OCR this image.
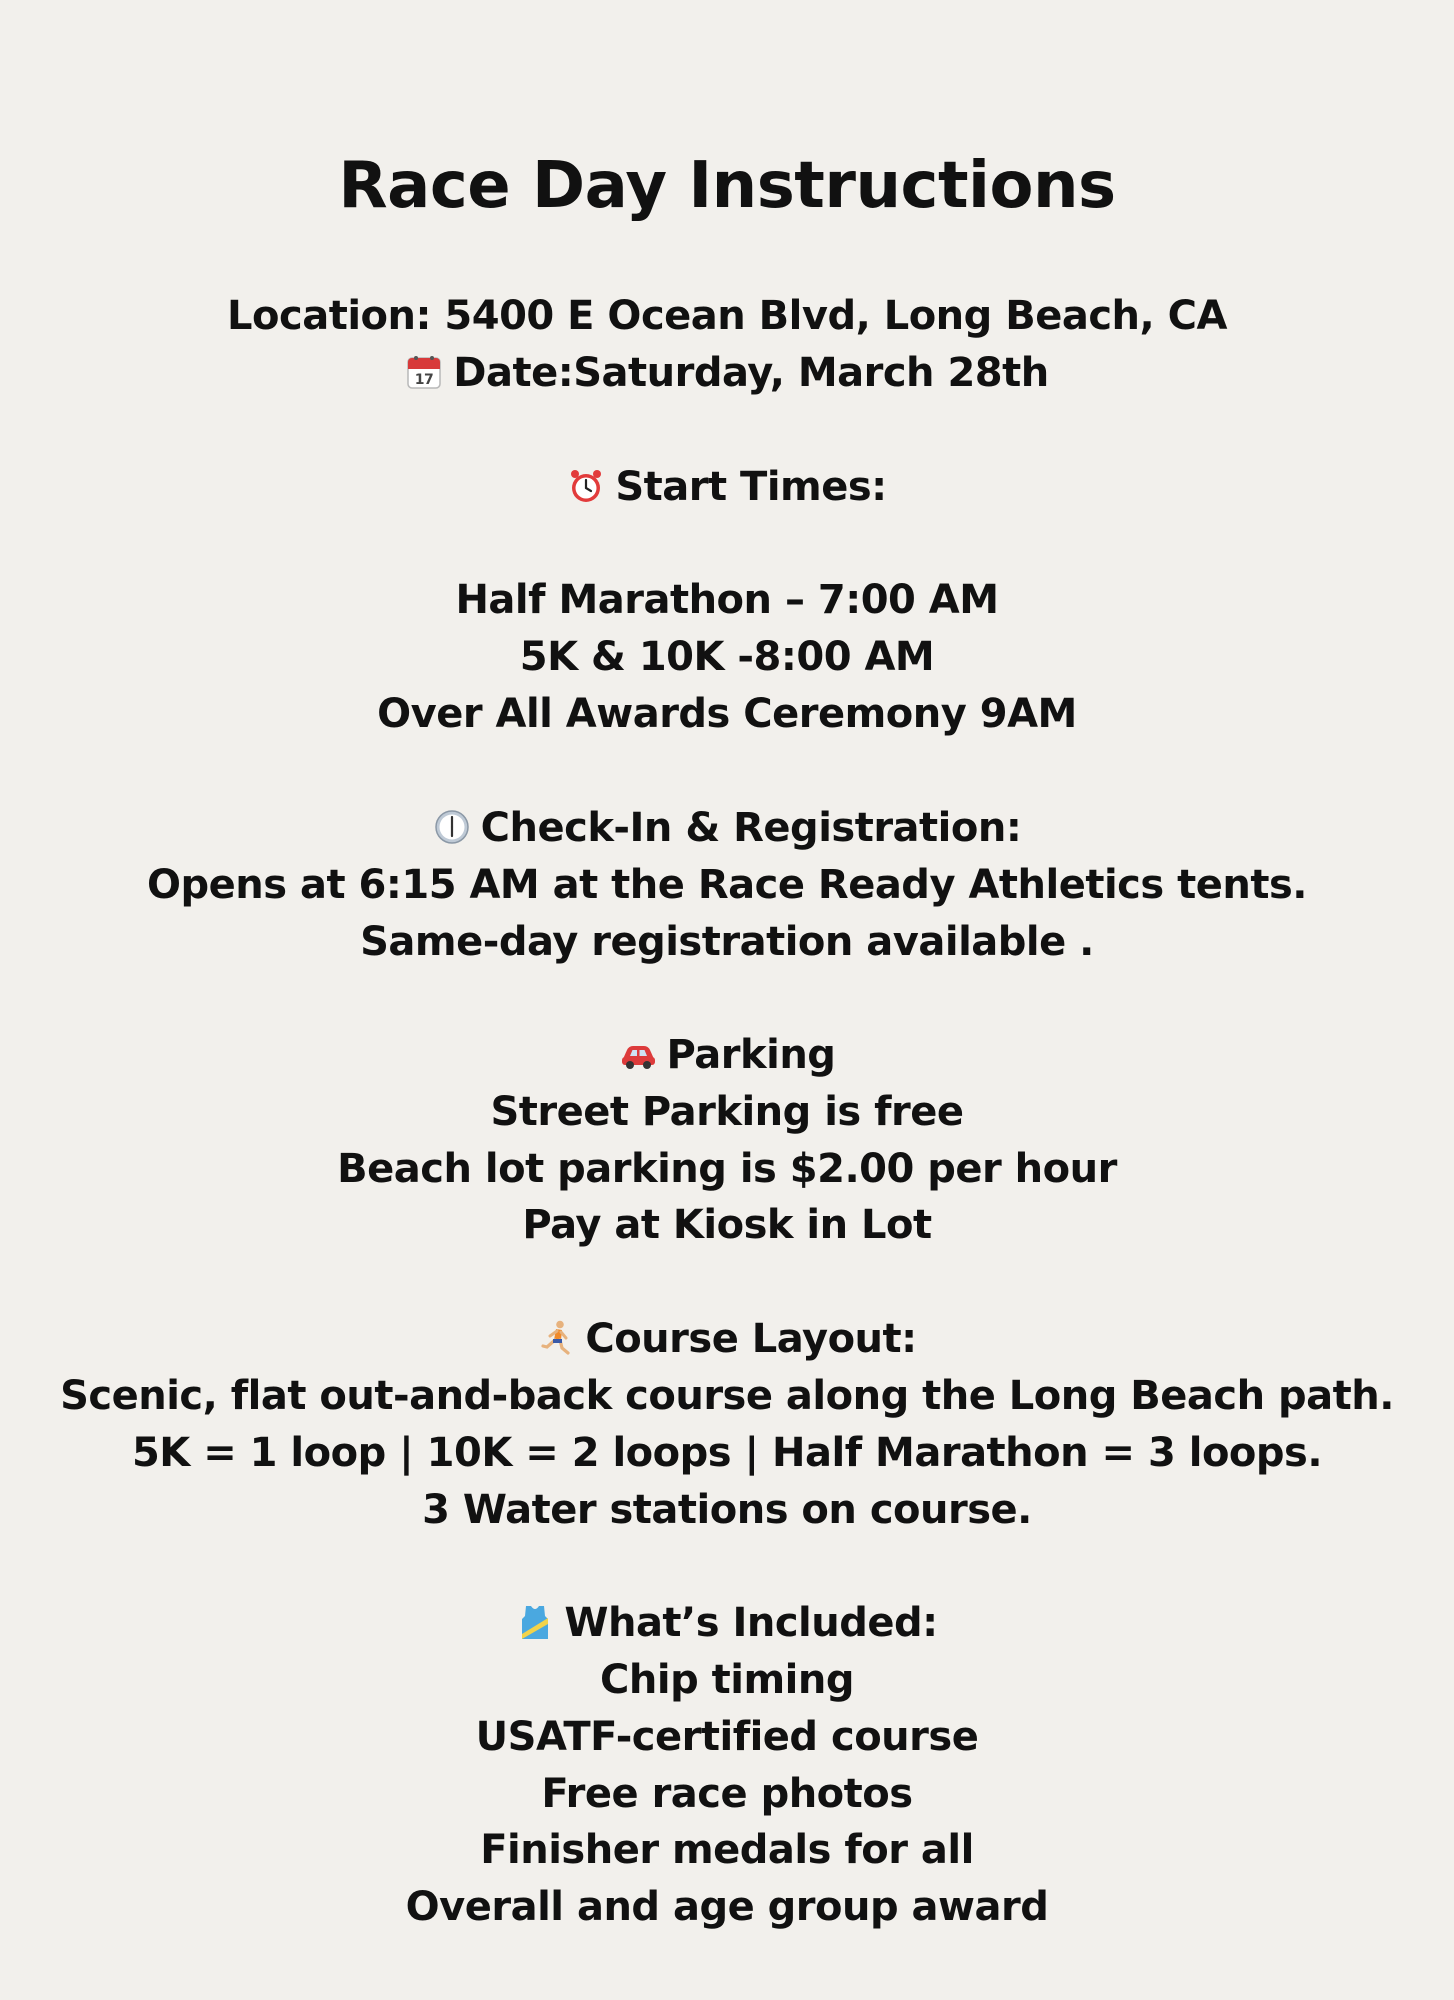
Race Day Instructions
Location: 5400 E Ocean Blvd, Long Beach, CA
17 Date:Saturday, March 28th
Start Times:
Half Marathon – 7:00 AM
5K & 10K -8:00 AM
Over All Awards Ceremony 9AM
Check-In & Registration:
Opens at 6:15 AM at the Race Ready Athletics tents.
Same-day registration available .
Parking
Street Parking is free
Beach lot parking is $2.00 per hour
Pay at Kiosk in Lot
Course Layout:
Scenic, flat out-and-back course along the Long Beach path.
5K = 1 loop | 10K = 2 loops | Half Marathon = 3 loops.
3 Water stations on course.
What’s Included:
Chip timing
USATF-certified course
Free race photos
Finisher medals for all
Overall and age group award
